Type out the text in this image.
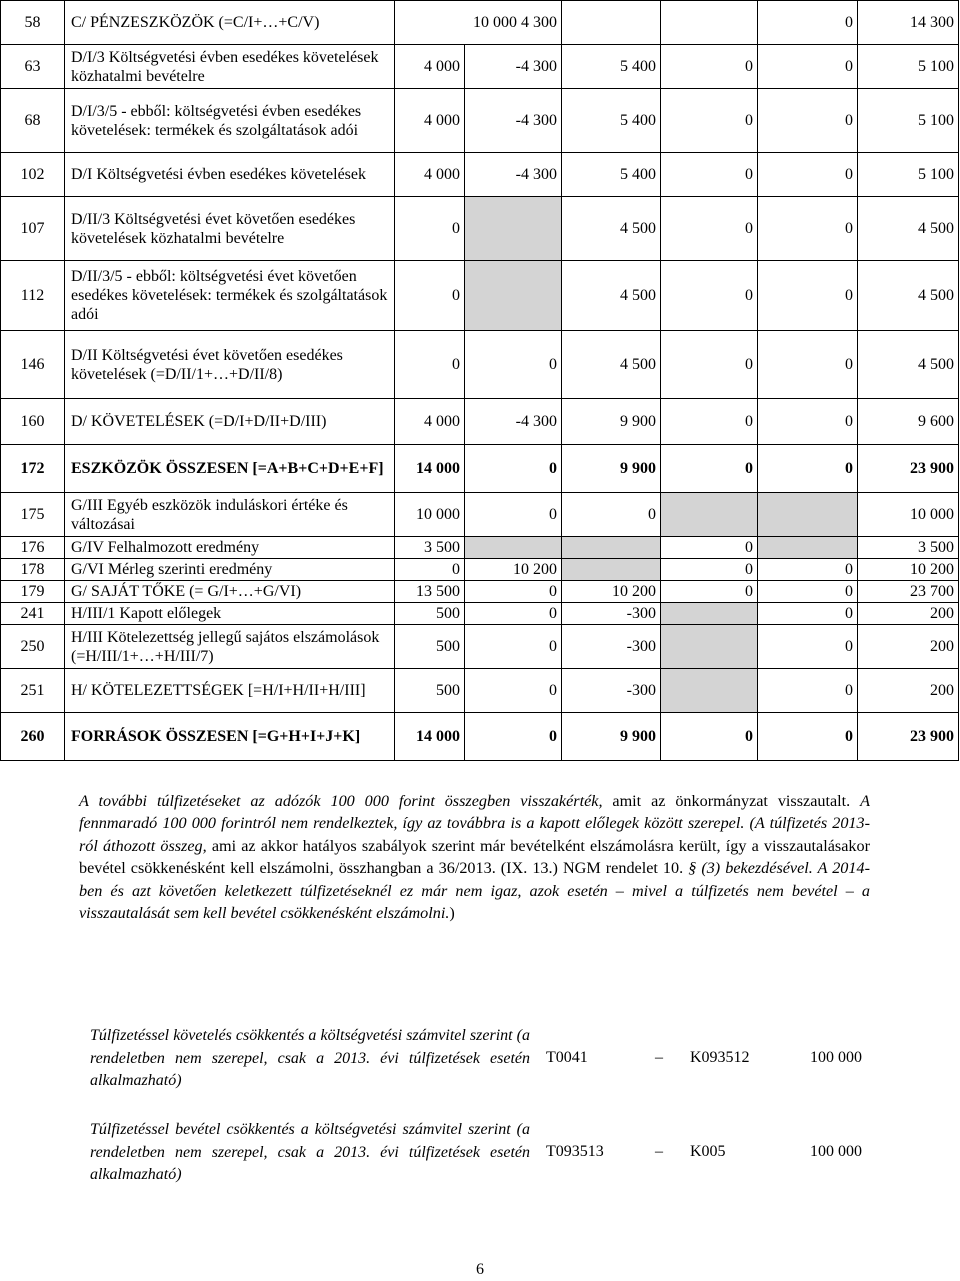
58	C/ PÉNZESZKÖZÖK (=C/I+…+C/V)	10 000 4 300				0	14 300
63	D/I/3 Költségvetési évben esedékes követelések közhatalmi bevételre	4 000	-4 300	5 400	0	0	5 100
68	D/I/3/5 - ebből: költségvetési évben esedékes követelések: termékek és szolgáltatások adói	4 000	-4 300	5 400	0	0	5 100
102	D/I Költségvetési évben esedékes követelések	4 000	-4 300	5 400	0	0	5 100
107	D/II/3 Költségvetési évet követően esedékes követelések közhatalmi bevételre	0		4 500	0	0	4 500
112	D/II/3/5 - ebből: költségvetési évet követően esedékes követelések: termékek és szolgáltatások adói	0		4 500	0	0	4 500
146	D/II Költségvetési évet követően esedékes követelések (=D/II/1+…+D/II/8)	0	0	4 500	0	0	4 500
160	D/ KÖVETELÉSEK (=D/I+D/II+D/III)	4 000	-4 300	9 900	0	0	9 600
172	ESZKÖZÖK ÖSSZESEN [=A+B+C+D+E+F]	14 000	0	9 900	0	0	23 900
175	G/III Egyéb eszközök induláskori értéke és változásai	10 000	0	0			10 000
176	G/IV Felhalmozott eredmény	3 500			0		3 500
178	G/VI Mérleg szerinti eredmény	0	10 200		0	0	10 200
179	G/ SAJÁT TŐKE (= G/I+…+G/VI)	13 500	0	10 200	0	0	23 700
241	H/III/1 Kapott előlegek	500	0	-300		0	200
250	H/III Kötelezettség jellegű sajátos elszámolások (=H/III/1+…+H/III/7)	500	0	-300		0	200
251	H/ KÖTELEZETTSÉGEK [=H/I+H/II+H/III]	500	0	-300		0	200
260	FORRÁSOK ÖSSZESEN [=G+H+I+J+K]	14 000	0	9 900	0	0	23 900
A további túlfizetéseket az adózók 100 000 forint összegben visszakérték, amit az önkormányzat visszautalt. A fennmaradó 100 000 forintról nem rendelkeztek, így az továbbra is a kapott előlegek között szerepel. (A túlfizetés 2013-ról áthozott összeg, ami az akkor hatályos szabályok szerint már bevételként elszámolásra került, így a visszautalásakor bevétel csökkenésként kell elszámolni, összhangban a 36/2013. (IX. 13.) NGM rendelet 10. § (3) bekezdésével. A 2014-ben és azt követően keletkezett túlfizetéseknél ez már nem igaz, azok esetén – mivel a túlfizetés nem bevétel – a visszautalását sem kell bevétel csökkenésként elszámolni.)
Túlfizetéssel követelés csökkentés a költségvetési számvitel szerint (a rendeletben nem szerepel, csak a 2013. évi túlfizetések esetén alkalmazható)
T0041	– K093512	100 000
Túlfizetéssel bevétel csökkentés a költségvetési számvitel szerint (a rendeletben nem szerepel, csak a 2013. évi túlfizetések esetén alkalmazható)
T093513	– K005	100 000
6
